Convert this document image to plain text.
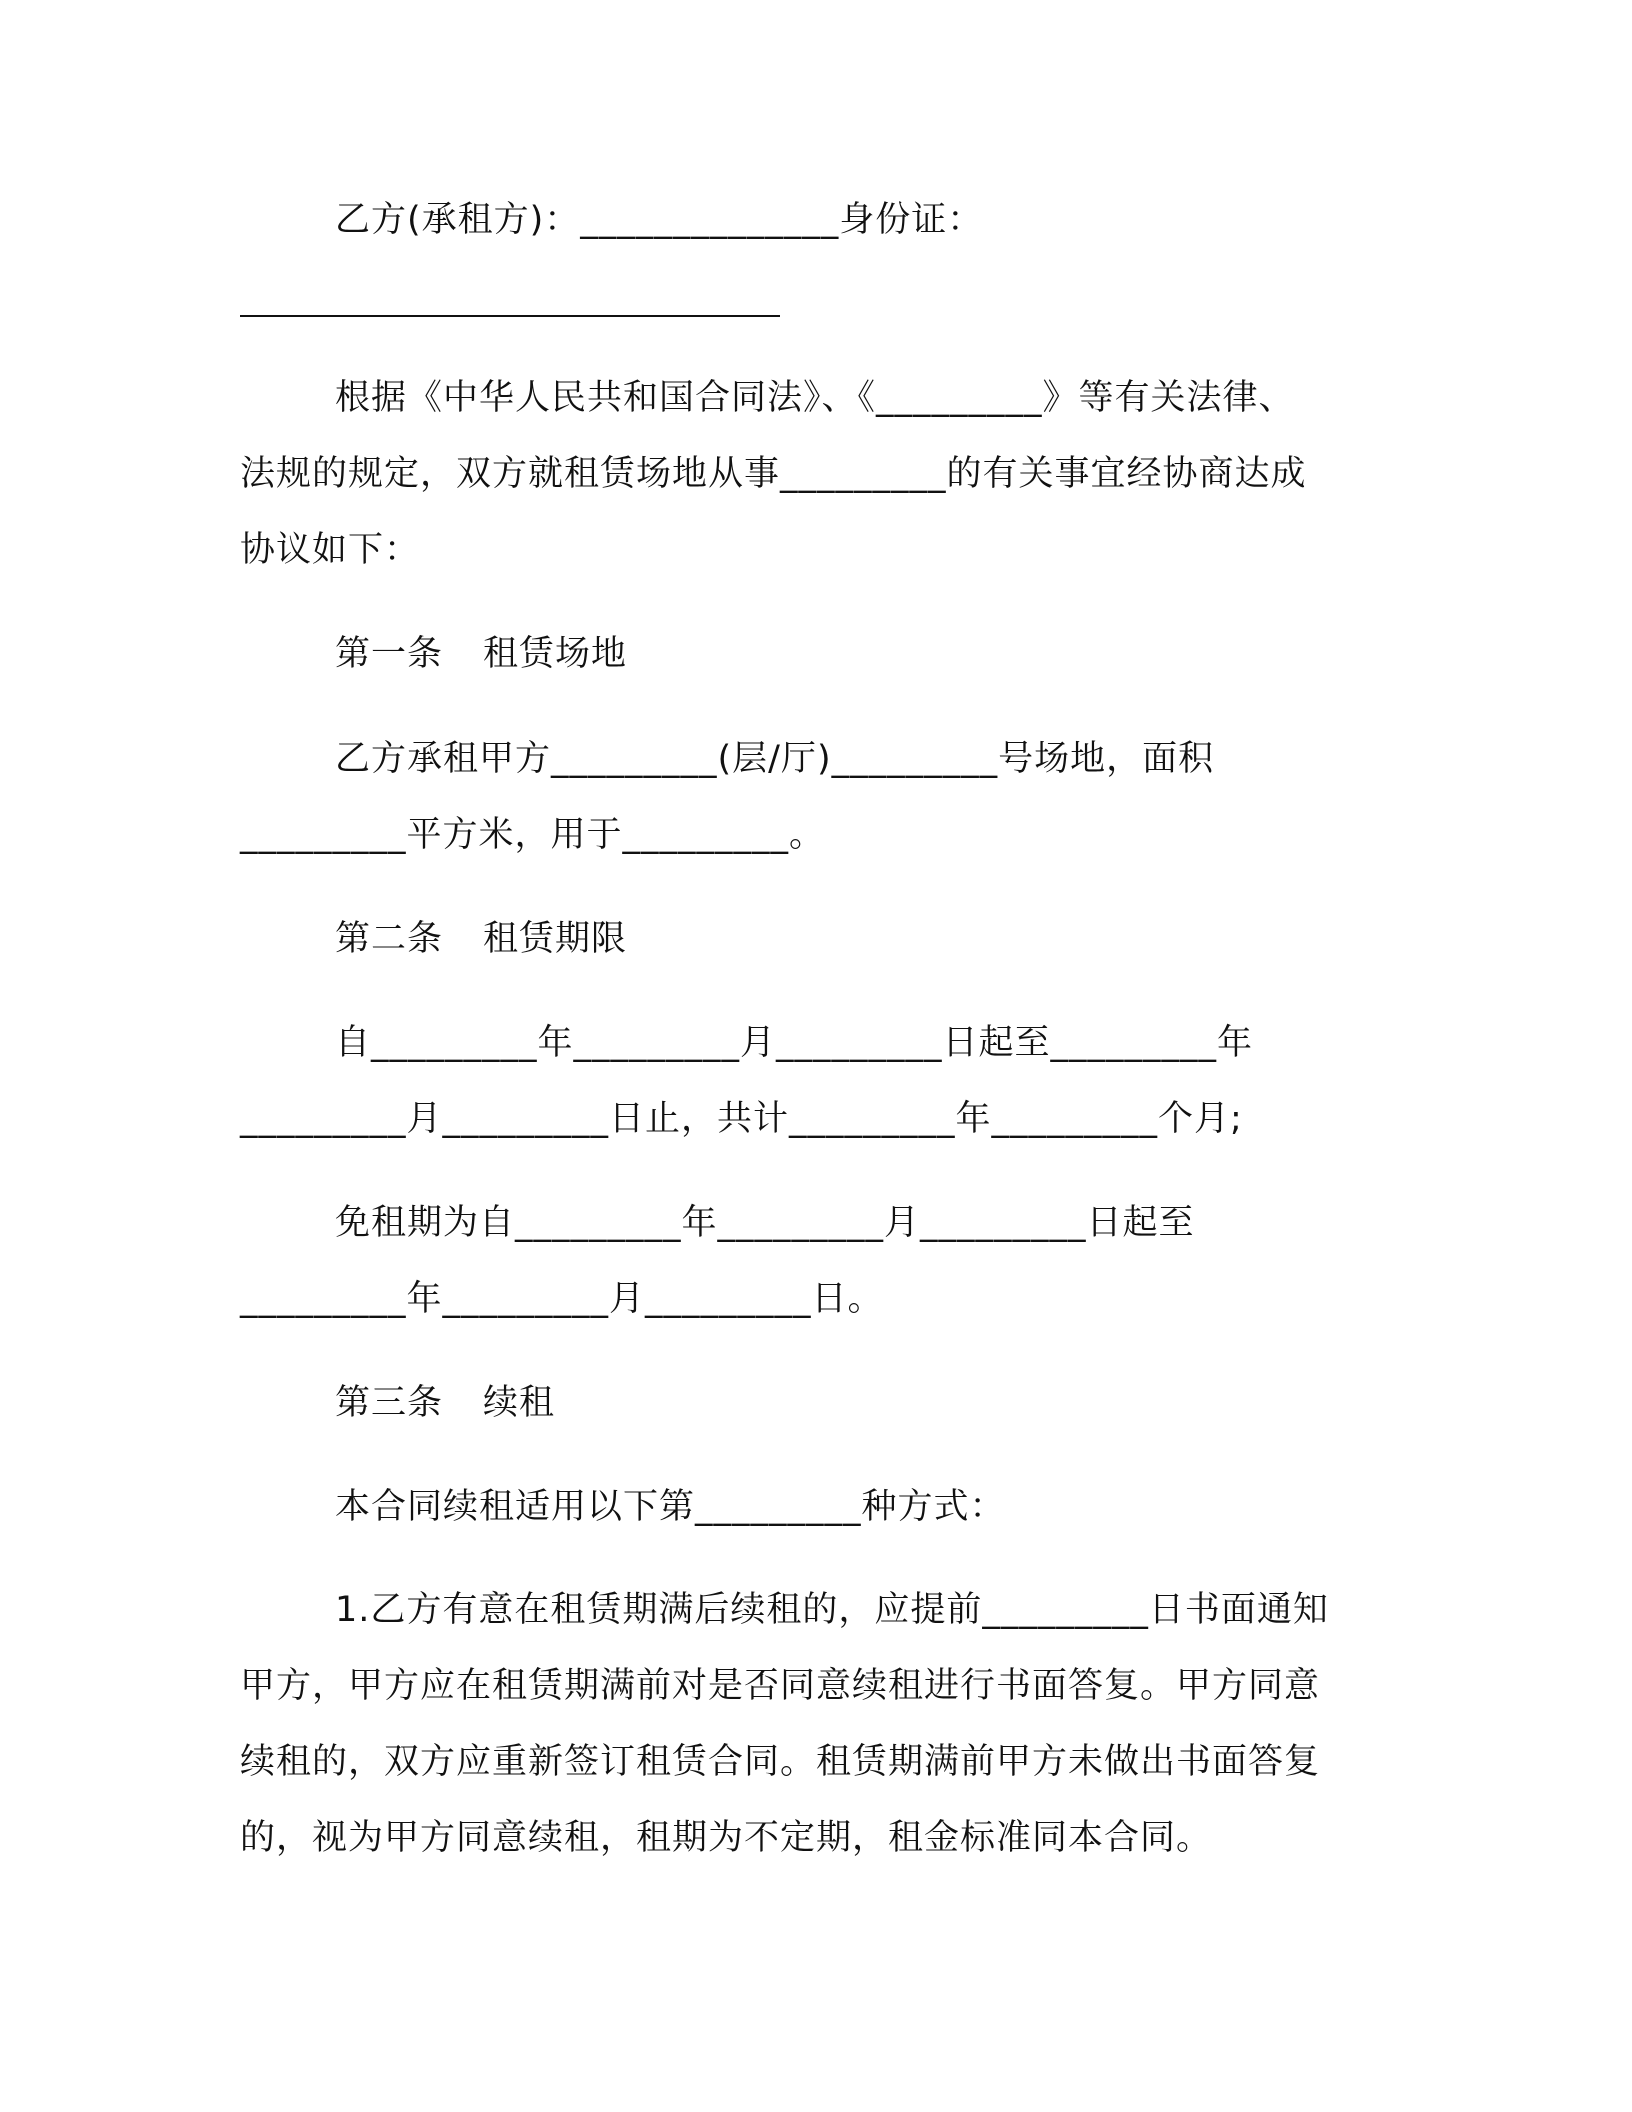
乙方(承租方)：______________身份证：
根据《中华人民共和国合同法》、《_________》等有关法律、
法规的规定，双方就租赁场地从事_________的有关事宜经协商达成
协议如下：
第一条 租赁场地
乙方承租甲方_________(层/厅)_________号场地，面积
_________平方米，用于_________。
第二条 租赁期限
自_________年_________月_________日起至_________年
_________月_________日止，共计_________年_________个月;
免租期为自_________年_________月_________日起至
_________年_________月_________日。
第三条 续租
本合同续租适用以下第_________种方式：
1.乙方有意在租赁期满后续租的，应提前_________日书面通知
甲方，甲方应在租赁期满前对是否同意续租进行书面答复。甲方同意
续租的，双方应重新签订租赁合同。租赁期满前甲方未做出书面答复
的，视为甲方同意续租，租期为不定期，租金标准同本合同。
